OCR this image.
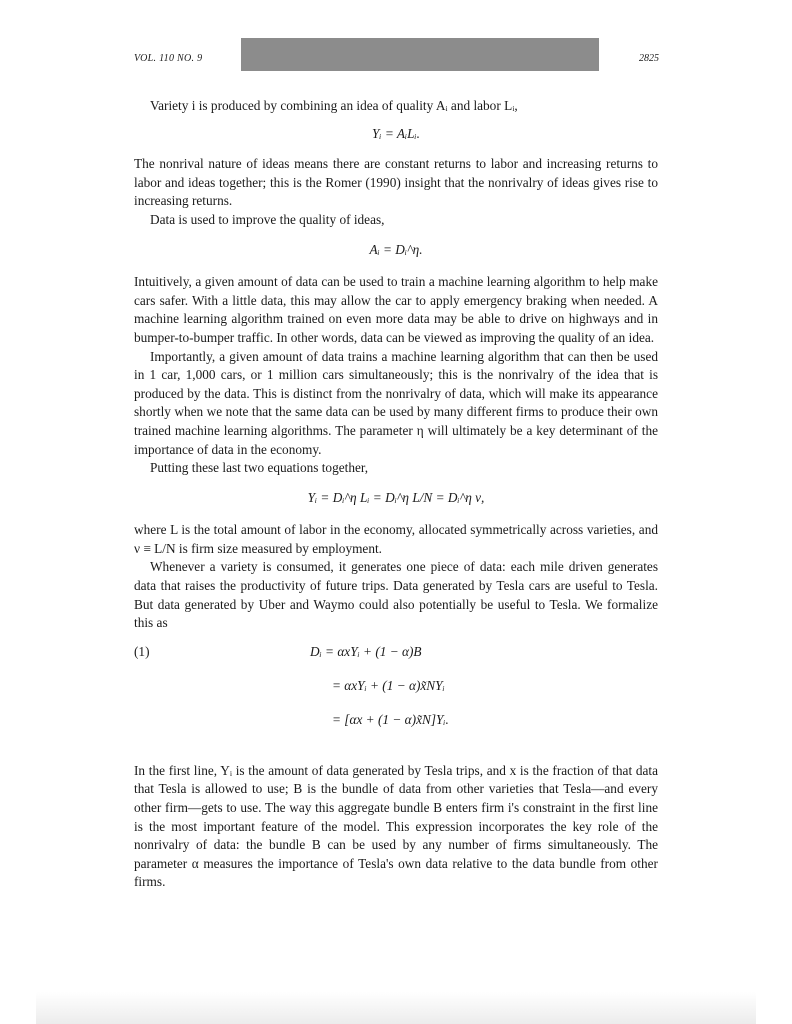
VOL. 110 NO. 9	2825

Variety i is produced by combining an idea of quality Aᵢ and labor Lᵢ,

Yᵢ = AᵢLᵢ.

The nonrival nature of ideas means there are constant returns to labor and increasing returns to labor and ideas together; this is the Romer (1990) insight that the nonrivalry of ideas gives rise to increasing returns.

Data is used to improve the quality of ideas,

Aᵢ = Dᵢ^η.

Intuitively, a given amount of data can be used to train a machine learning algorithm to help make cars safer. With a little data, this may allow the car to apply emergency braking when needed. A machine learning algorithm trained on even more data may be able to drive on highways and in bumper-to-bumper traffic. In other words, data can be viewed as improving the quality of an idea.

Importantly, a given amount of data trains a machine learning algorithm that can then be used in 1 car, 1,000 cars, or 1 million cars simultaneously; this is the nonrivalry of the idea that is produced by the data. This is distinct from the nonrivalry of data, which will make its appearance shortly when we note that the same data can be used by many different firms to produce their own trained machine learning algorithms. The parameter η will ultimately be a key determinant of the importance of data in the economy.

Putting these last two equations together,

Yᵢ = Dᵢ^η Lᵢ = Dᵢ^η L/N = Dᵢ^η ν,

where L is the total amount of labor in the economy, allocated symmetrically across varieties, and ν ≡ L/N is firm size measured by employment.

Whenever a variety is consumed, it generates one piece of data: each mile driven generates data that raises the productivity of future trips. Data generated by Tesla cars are useful to Tesla. But data generated by Uber and Waymo could also potentially be useful to Tesla. We formalize this as

(1)	Dᵢ = αxYᵢ + (1 − α)B
= αxYᵢ + (1 − α)x̃NYᵢ
= [αx + (1 − α)x̃N]Yᵢ.

In the first line, Yᵢ is the amount of data generated by Tesla trips, and x is the fraction of that data that Tesla is allowed to use; B is the bundle of data from other varieties that Tesla—and every other firm—gets to use. The way this aggregate bundle B enters firm i's constraint in the first line is the most important feature of the model. This expression incorporates the key role of the nonrivalry of data: the bundle B can be used by any number of firms simultaneously. The parameter α measures the importance of Tesla's own data relative to the data bundle from other firms.
